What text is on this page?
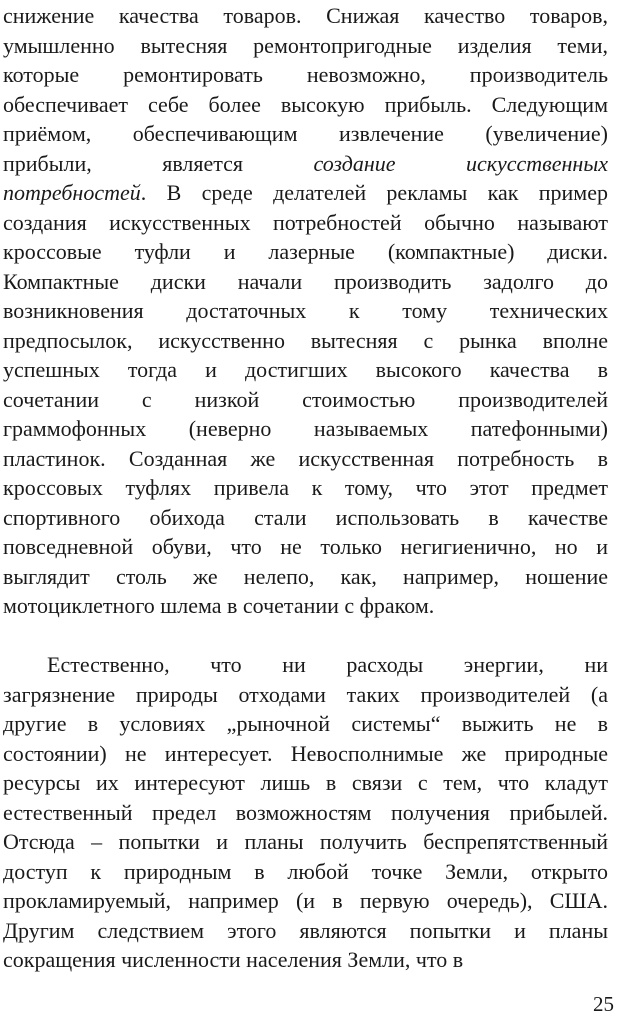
снижение качества товаров. Снижая качество товаров,
умышленно вытесняя ремонтопригодные изделия теми,
которые ремонтировать невозможно, производитель
обеспечивает себе более высокую прибыль. Следующим
приёмом, обеспечивающим извлечение (увеличение)
прибыли, является создание искусственных
потребностей. В среде делателей рекламы как пример
создания искусственных потребностей обычно называют
кроссовые туфли и лазерные (компактные) диски.
Компактные диски начали производить задолго до
возникновения достаточных к тому технических
предпосылок, искусственно вытесняя с рынка вполне
успешных тогда и достигших высокого качества в
сочетании с низкой стоимостью производителей
граммофонных (неверно называемых патефонными)
пластинок. Созданная же искусственная потребность в
кроссовых туфлях привела к тому, что этот предмет
спортивного обихода стали использовать в качестве
повседневной обуви, что не только негигиенично, но и
выглядит столь же нелепо, как, например, ношение
мотоциклетного шлема в сочетании с фраком.
Естественно, что ни расходы энергии, ни
загрязнение природы отходами таких производителей (а
другие в условиях „рыночной системы“ выжить не в
состоянии) не интересует. Невосполнимые же природные
ресурсы их интересуют лишь в связи с тем, что кладут
естественный предел возможностям получения прибылей.
Отсюда – попытки и планы получить беспрепятственный
доступ к природным в любой точке Земли, открыто
прокламируемый, например (и в первую очередь), США.
Другим следствием этого являются попытки и планы
сокращения численности населения Земли, что в
25
